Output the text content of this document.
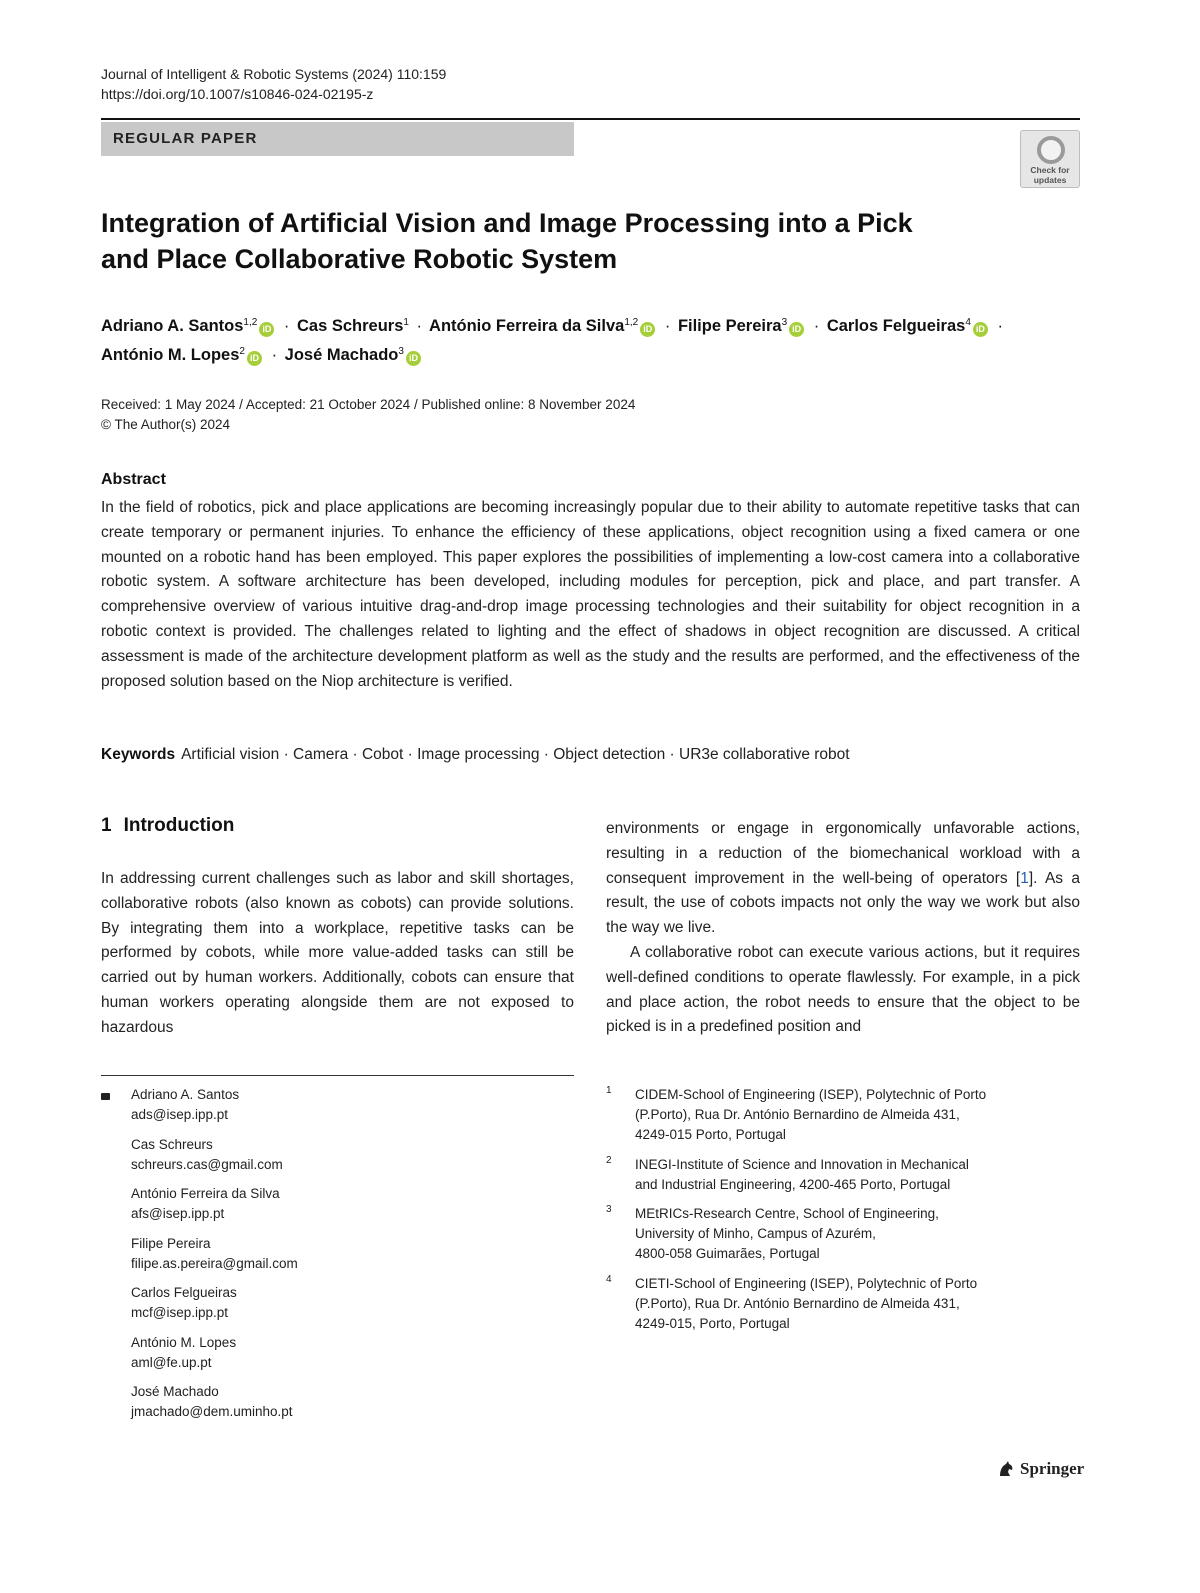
Journal of Intelligent & Robotic Systems (2024) 110:159
https://doi.org/10.1007/s10846-024-02195-z
REGULAR PAPER
Check for updates
Integration of Artificial Vision and Image Processing into a Pick
and Place Collaborative Robotic System
Adriano A. Santos$^{1,2}$iD · Cas Schreurs$^1$ · António Ferreira da Silva$^{1,2}$iD · Filipe Pereira$^3$iD · Carlos Felgueiras$^4$iD ·
António M. Lopes$^2$iD · José Machado$^3$iD
Received: 1 May 2024 / Accepted: 21 October 2024 / Published online: 8 November 2024
© The Author(s) 2024
Abstract

In the field of robotics, pick and place applications are becoming increasingly popular due to their ability to automate repetitive tasks that can create temporary or permanent injuries. To enhance the efficiency of these applications, object recognition using a fixed camera or one mounted on a robotic hand has been employed. This paper explores the possibilities of implementing a low-cost camera into a collaborative robotic system. A software architecture has been developed, including modules for perception, pick and place, and part transfer. A comprehensive overview of various intuitive drag-and-drop image processing technologies and their suitability for object recognition in a robotic context is provided. The challenges related to lighting and the effect of shadows in object recognition are discussed. A critical assessment is made of the architecture development platform as well as the study and the results are performed, and the effectiveness of the proposed solution based on the Niop architecture is verified.

Keywords Artificial vision · Camera · Cobot · Image processing · Object detection · UR3e collaborative robot
1 Introduction

In addressing current challenges such as labor and skill shortages, collaborative robots (also known as cobots) can provide solutions. By integrating them into a workplace, repetitive tasks can be performed by cobots, while more value-added tasks can still be carried out by human workers. Additionally, cobots can ensure that human workers operating alongside them are not exposed to hazardous

environments or engage in ergonomically unfavorable actions, resulting in a reduction of the biomechanical workload with a consequent improvement in the well-being of operators [1]. As a result, the use of cobots impacts not only the way we work but also the way we live.

A collaborative robot can execute various actions, but it requires well-defined conditions to operate flawlessly. For example, in a pick and place action, the robot needs to ensure that the object to be picked is in a predefined position and

Adriano A. Santos
ads@isep.ipp.pt
Cas Schreurs
schreurs.cas@gmail.com
António Ferreira da Silva
afs@isep.ipp.pt
Filipe Pereira
filipe.as.pereira@gmail.com
Carlos Felgueiras
mcf@isep.ipp.pt
António M. Lopes
aml@fe.up.pt
José Machado
jmachado@dem.uminho.pt
1 CIDEM-School of Engineering (ISEP), Polytechnic of Porto
(P.Porto), Rua Dr. António Bernardino de Almeida 431,
4249-015 Porto, Portugal
2 INEGI-Institute of Science and Innovation in Mechanical
and Industrial Engineering, 4200-465 Porto, Portugal
3 MEtRICs-Research Centre, School of Engineering,
University of Minho, Campus of Azurém,
4800-058 Guimarães, Portugal
4 CIETI-School of Engineering (ISEP), Polytechnic of Porto
(P.Porto), Rua Dr. António Bernardino de Almeida 431,
4249-015, Porto, Portugal
Springer
